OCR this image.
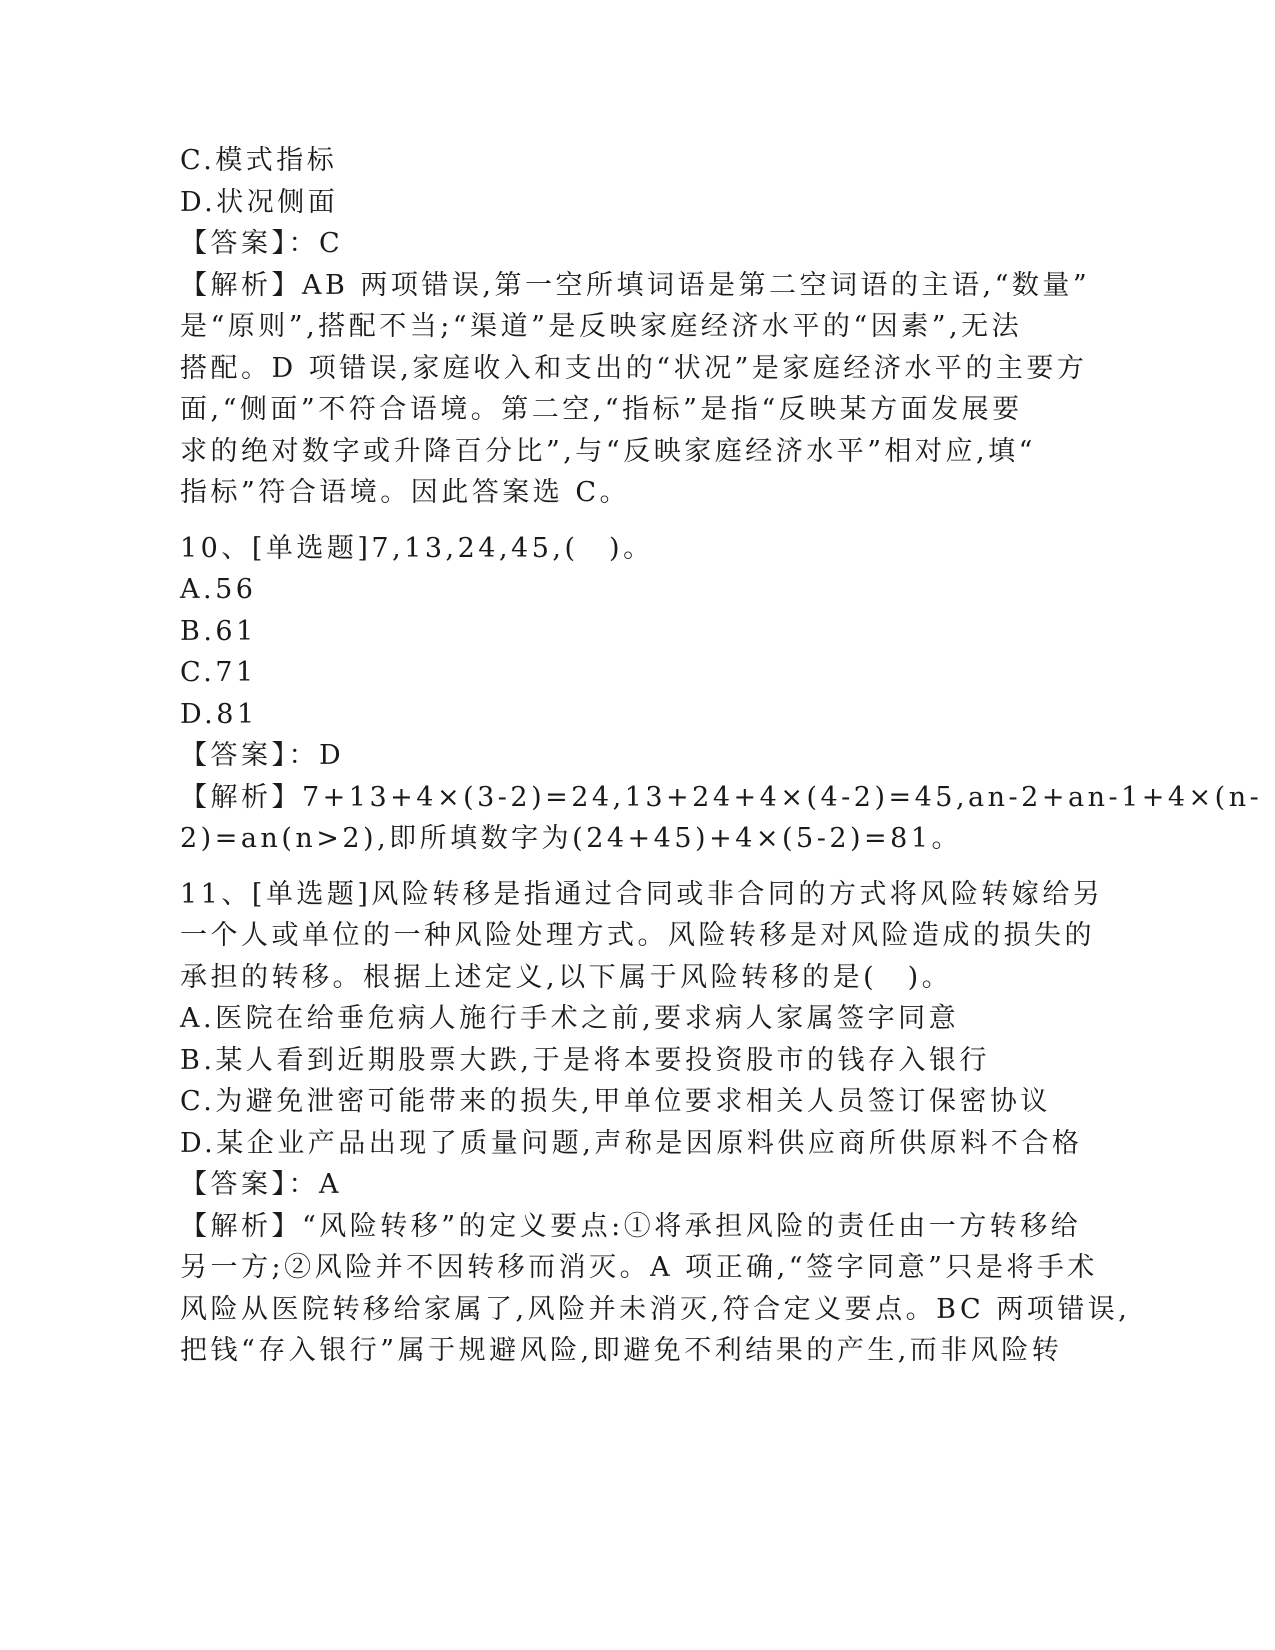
C.模式指标

D.状况侧面

【答案】：C

【解析】AB 两项错误,第一空所填词语是第二空词语的主语,“数量”
是“原则”,搭配不当;“渠道”是反映家庭经济水平的“因素”,无法
搭配。D 项错误,家庭收入和支出的“状况”是家庭经济水平的主要方
面,“侧面”不符合语境。第二空,“指标”是指“反映某方面发展要
求的绝对数字或升降百分比”,与“反映家庭经济水平”相对应,填“
指标”符合语境。因此答案选 C。

10、[单选题]7,13,24,45,(　)。

A.56

B.61

C.71

D.81

【答案】：D

【解析】7+13+4×(3-2)=24,13+24+4×(4-2)=45,an-2+an-1+4×(n-
2)=an(n>2),即所填数字为(24+45)+4×(5-2)=81。

11、[单选题]风险转移是指通过合同或非合同的方式将风险转嫁给另
一个人或单位的一种风险处理方式。风险转移是对风险造成的损失的
承担的转移。根据上述定义,以下属于风险转移的是(　)。

A.医院在给垂危病人施行手术之前,要求病人家属签字同意

B.某人看到近期股票大跌,于是将本要投资股市的钱存入银行

C.为避免泄密可能带来的损失,甲单位要求相关人员签订保密协议

D.某企业产品出现了质量问题,声称是因原料供应商所供原料不合格

【答案】：A

【解析】“风险转移”的定义要点:①将承担风险的责任由一方转移给
另一方;②风险并不因转移而消灭。A 项正确,“签字同意”只是将手术
风险从医院转移给家属了,风险并未消灭,符合定义要点。BC 两项错误,
把钱“存入银行”属于规避风险,即避免不利结果的产生,而非风险转
